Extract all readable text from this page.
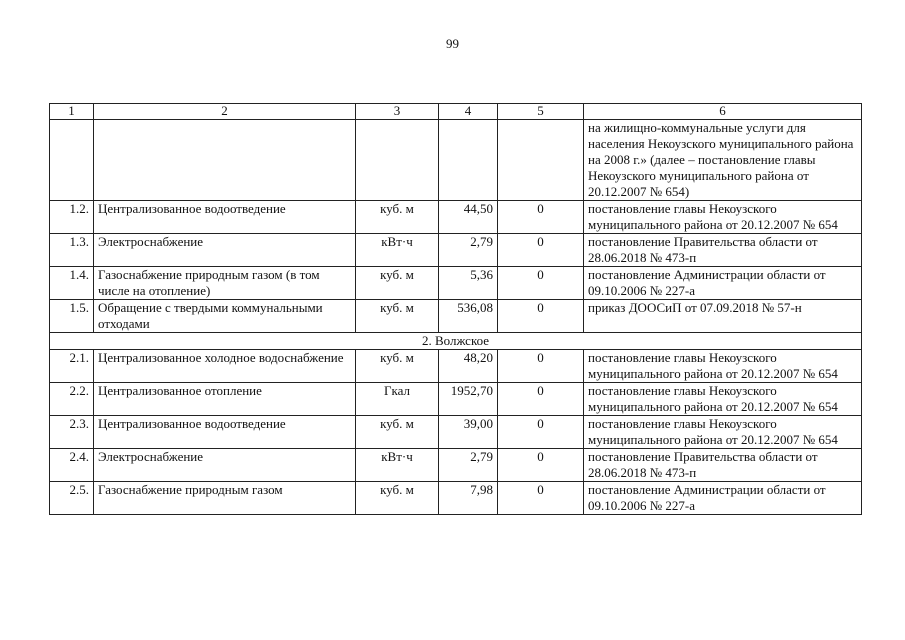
99
1	2	3	4	5	6
					на жилищно-коммунальные услуги для населения Некоузского муниципального района на 2008 г.» (далее – постановление главы Некоузского муниципального района от 20.12.2007 № 654)
1.2.	Централизованное водоотведение	куб. м	44,50	0	постановление главы Некоузского муниципального района от 20.12.2007 № 654
1.3.	Электроснабжение	кВт·ч	2,79	0	постановление Правительства области от 28.06.2018 № 473-п
1.4.	Газоснабжение природным газом (в том числе на отопление)	куб. м	5,36	0	постановление Администрации области от 09.10.2006 № 227-а
1.5.	Обращение с твердыми коммунальными отходами	куб. м	536,08	0	приказ ДООСиП от 07.09.2018 № 57-н
2. Волжское					
2.1.	Централизованное холодное водоснабжение	куб. м	48,20	0	постановление главы Некоузского муниципального района от 20.12.2007 № 654
2.2.	Централизованное отопление	Гкал	1952,70	0	постановление главы Некоузского муниципального района от 20.12.2007 № 654
2.3.	Централизованное водоотведение	куб. м	39,00	0	постановление главы Некоузского муниципального района от 20.12.2007 № 654
2.4.	Электроснабжение	кВт·ч	2,79	0	постановление Правительства области от 28.06.2018 № 473-п
2.5.	Газоснабжение природным газом	куб. м	7,98	0	постановление Администрации области от 09.10.2006 № 227-а
